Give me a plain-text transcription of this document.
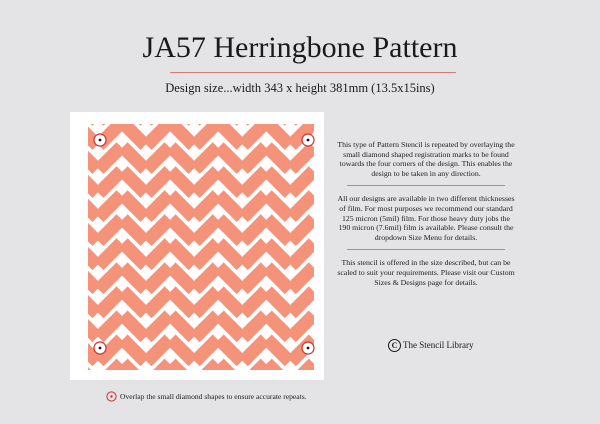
JA57 Herringbone Pattern
Design size...width 343 x height 381mm (13.5x15ins)

This type of Pattern Stencil is repeated by overlaying the small diamond shaped registration marks to be found towards the four corners of the design. This enables the design to be taken in any direction.

All our designs are available in two different thicknesses of film. For most purposes we recommend our standard 125 micron (5mil) film. For those heavy duty jobs the 190 micron (7.6mil) film is available. Please consult the dropdown Size Menu for details.

This stencil is offered in the size described, but can be scaled to suit your requirements. Please visit our Custom Sizes & Designs page for details.

C The Stencil Library
Overlap the small diamond shapes to ensure accurate repeats.
